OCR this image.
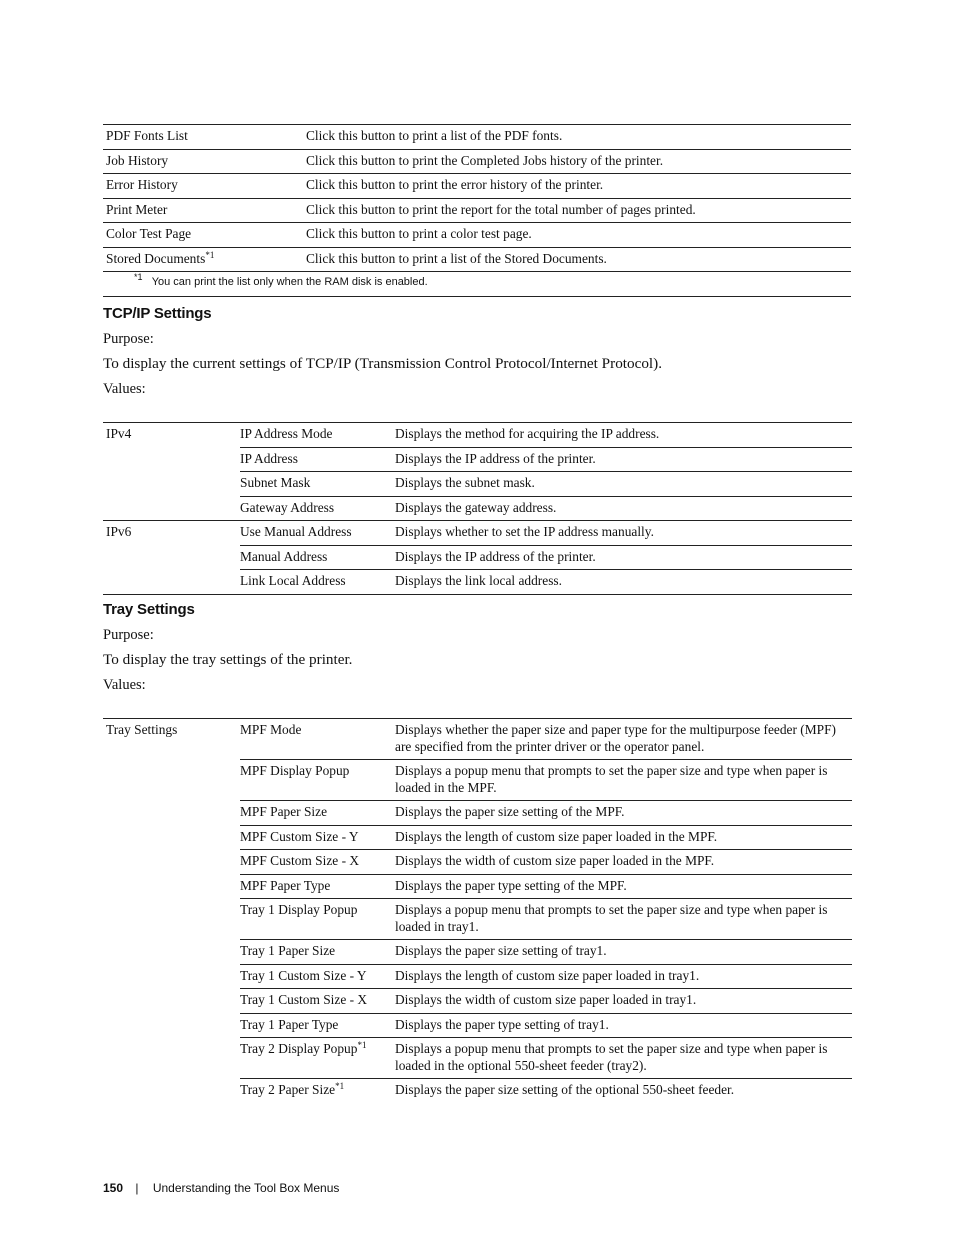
PDF Fonts List	Click this button to print a list of the PDF fonts.
Job History	Click this button to print the Completed Jobs history of the printer.
Error History	Click this button to print the error history of the printer.
Print Meter	Click this button to print the report for the total number of pages printed.
Color Test Page	Click this button to print a color test page.
Stored Documents$^{*1}$	Click this button to print a list of the Stored Documents.
$^{*1}$ You can print the list only when the RAM disk is enabled.	
TCP/IP Settings
Purpose:
To display the current settings of TCP/IP (Transmission Control Protocol/Internet Protocol).
Values:
IPv4	IP Address Mode	Displays the method for acquiring the IP address.
	IP Address	Displays the IP address of the printer.
	Subnet Mask	Displays the subnet mask.
	Gateway Address	Displays the gateway address.
IPv6	Use Manual Address	Displays whether to set the IP address manually.
	Manual Address	Displays the IP address of the printer.
	Link Local Address	Displays the link local address.
Tray Settings
Purpose:
To display the tray settings of the printer.
Values:
Tray Settings	MPF Mode	Displays whether the paper size and paper type for the multipurpose feeder (MPF) are specified from the printer driver or the operator panel.
	MPF Display Popup	Displays a popup menu that prompts to set the paper size and type when paper is loaded in the MPF.
	MPF Paper Size	Displays the paper size setting of the MPF.
	MPF Custom Size - Y	Displays the length of custom size paper loaded in the MPF.
	MPF Custom Size - X	Displays the width of custom size paper loaded in the MPF.
	MPF Paper Type	Displays the paper type setting of the MPF.
	Tray 1 Display Popup	Displays a popup menu that prompts to set the paper size and type when paper is loaded in tray1.
	Tray 1 Paper Size	Displays the paper size setting of tray1.
	Tray 1 Custom Size - Y	Displays the length of custom size paper loaded in tray1.
	Tray 1 Custom Size - X	Displays the width of custom size paper loaded in tray1.
	Tray 1 Paper Type	Displays the paper type setting of tray1.
	Tray 2 Display Popup$^{*1}$	Displays a popup menu that prompts to set the paper size and type when paper is loaded in the optional 550-sheet feeder (tray2).
	Tray 2 Paper Size$^{*1}$	Displays the paper size setting of the optional 550-sheet feeder.
150 | Understanding the Tool Box Menus
